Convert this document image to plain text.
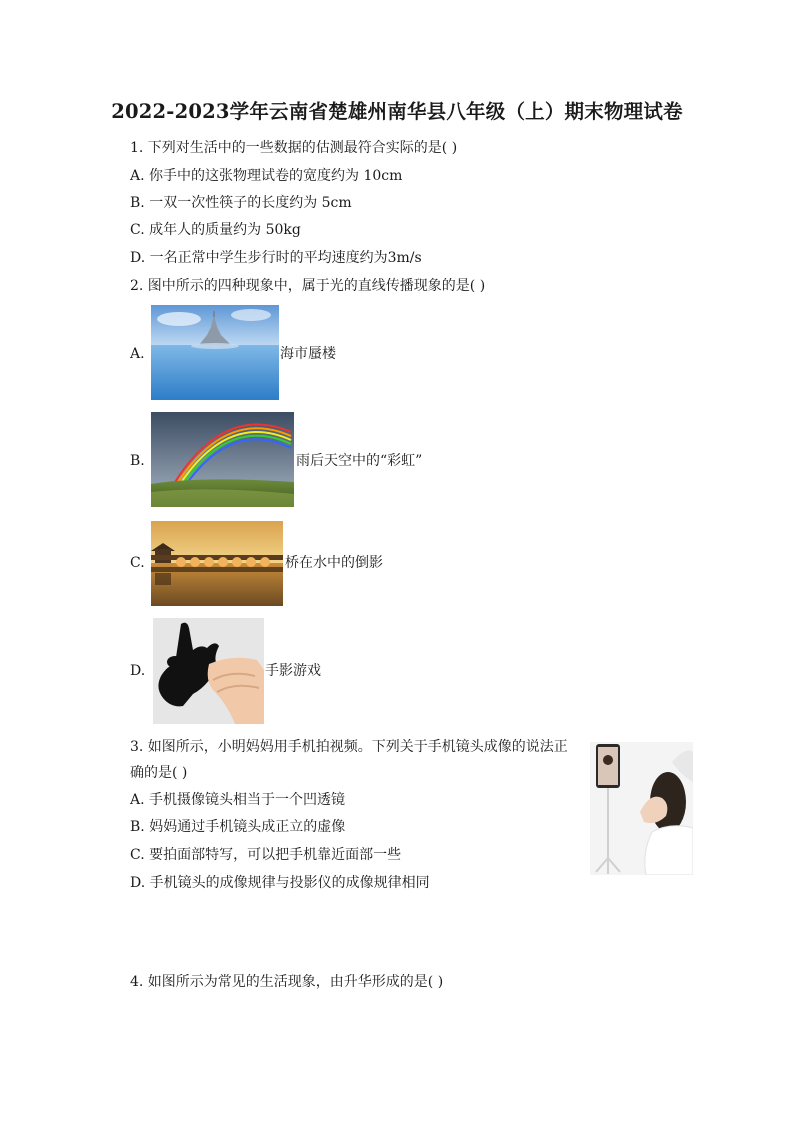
2022-2023学年云南省楚雄州南华县八年级（上）期末物理试卷
1. 下列对生活中的一些数据的估测最符合实际的是( )
A. 你手中的这张物理试卷的宽度约为 10cm
B. 一双一次性筷子的长度约为 5cm
C. 成年人的质量约为 50kg
D. 一名正常中学生步行时的平均速度约为3m/s
2. 图中所示的四种现象中，属于光的直线传播现象的是( )
A.	海市蜃楼
B.	雨后天空中的“彩虹”
C.	桥在水中的倒影
D.	手影游戏
3. 如图所示，小明妈妈用手机拍视频。下列关于手机镜头成像的说法正
确的是( )
A. 手机摄像镜头相当于一个凹透镜
B. 妈妈通过手机镜头成正立的虚像
C. 要拍面部特写，可以把手机靠近面部一些
D. 手机镜头的成像规律与投影仪的成像规律相同
4. 如图所示为常见的生活现象，由升华形成的是( )
